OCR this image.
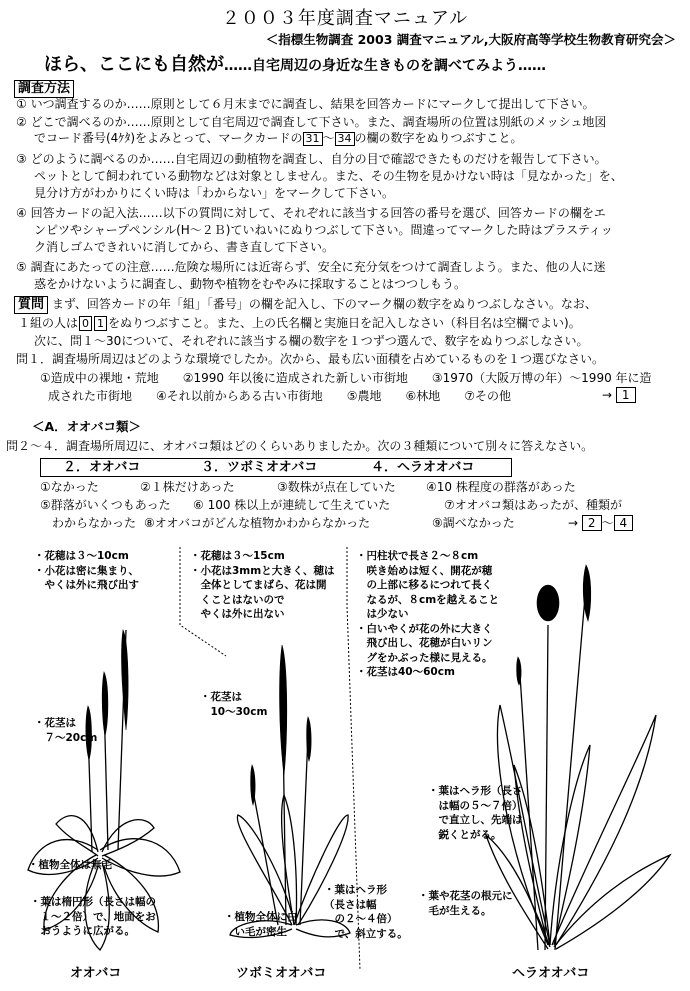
２００３年度調査マニュアル
＜指標生物調査 2003 調査マニュアル,大阪府高等学校生物教育研究会＞
ほら、ここにも自然が……自宅周辺の身近な生きものを調べてみよう……
調査方法
① いつ調査するのか……原則として６月末までに調査し、結果を回答カードにマークして提出して下さい。
② どこで調べるのか……原則として自宅周辺で調査して下さい。また、調査場所の位置は別紙のメッシュ地図
でコード番号(4ｹﾀ)をよみとって、マークカードの 31 ～ 34 の欄の数字をぬりつぶすこと。
③ どのように調べるのか……自宅周辺の動植物を調査し、自分の目で確認できたものだけを報告して下さい。
ペットとして飼われている動物などは対象としません。また、その生物を見かけない時は「見なかった」を、
見分け方がわかりにくい時は「わからない」をマークして下さい。
④ 回答カードの記入法……以下の質問に対して、それぞれに該当する回答の番号を選び、回答カードの欄をエ
ンピツやシャープペンシル(H～２Ｂ)ていねいにぬりつぶして下さい。間違ってマークした時はプラスティッ
ク消しゴムできれいに消してから、書き直して下さい。
⑤ 調査にあたっての注意……危険な場所には近寄らず、安全に充分気をつけて調査しよう。また、他の人に迷
惑をかけないように調査し、動物や植物をむやみに採取することはつつしもう。
質問 まず、回答カードの年「組」「番号」の欄を記入し、下のマーク欄の数字をぬりつぶしなさい。なお、
１組の人は 0 1 をぬりつぶすこと。また、上の氏名欄と実施日を記入しなさい（科目名は空欄でよい)。
次に、問１～30について、それぞれに該当する欄の数字を１つずつ選んで、数字をぬりつぶしなさい。
問１．調査場所周辺はどのような環境でしたか。次から、最も広い面積を占めているものを１つ選びなさい。
①造成中の裸地・荒地　　②1990 年以後に造成された新しい市街地　　③1970（大阪万博の年）～1990 年に造
成された市街地　　④それ以前からある古い市街地　　⑤農地　　⑥林地　　⑦その他	→ 1
＜A．オオバコ類＞
問２～４．調査場所周辺に、オオバコ類はどのくらいありましたか。次の３種類について別々に答えなさい。
２．オオバコ	３．ツボミオオバコ	４．ヘラオオバコ
①なかった	②１株だけあった	③数株が点在していた	④10 株程度の群落があった
⑤群落がいくつもあった ⑥ 100 株以上が連続して生えていた	⑦オオバコ類はあったが、種類が
わからなかった ⑧オオバコがどんな植物かわからなかった	⑨調べなかった	→ 2 ～ 4
・花穂は３～10cm
・小花は密に集まり、
　やくは外に飛び出す
・花茎は
　７～20cm
・植物全体は無毛
・葉は楕円形（長さは幅の
　１～２倍）で、地面をお
　おうように広がる。
オオバコ
・花穂は３～15cm
・小花は3mmと大きく、穂は
　全体としてまばら、花は開
　くことはないので
　やくは外に出ない
・花茎は
　10～30cm
・植物全体に白
　い毛が密生
・葉はヘラ形
（長さは幅
　の２～４倍）
　で、斜立する。
ツボミオオバコ
・円柱状で長さ２～８cm
　咲き始めは短く、開花が穂
　の上部に移るにつれて長く
　なるが、８cmを越えること
　は少ない
・白いやくが花の外に大きく
　飛び出し、花穂が白いリン
　グをかぶった様に見える。
・花茎は40～60cm
・葉はヘラ形（長さ
　は幅の５～７倍）
　で直立し、先端は
　鋭くとがる。
・葉や花茎の根元に
　毛が生える。
ヘラオオバコ
